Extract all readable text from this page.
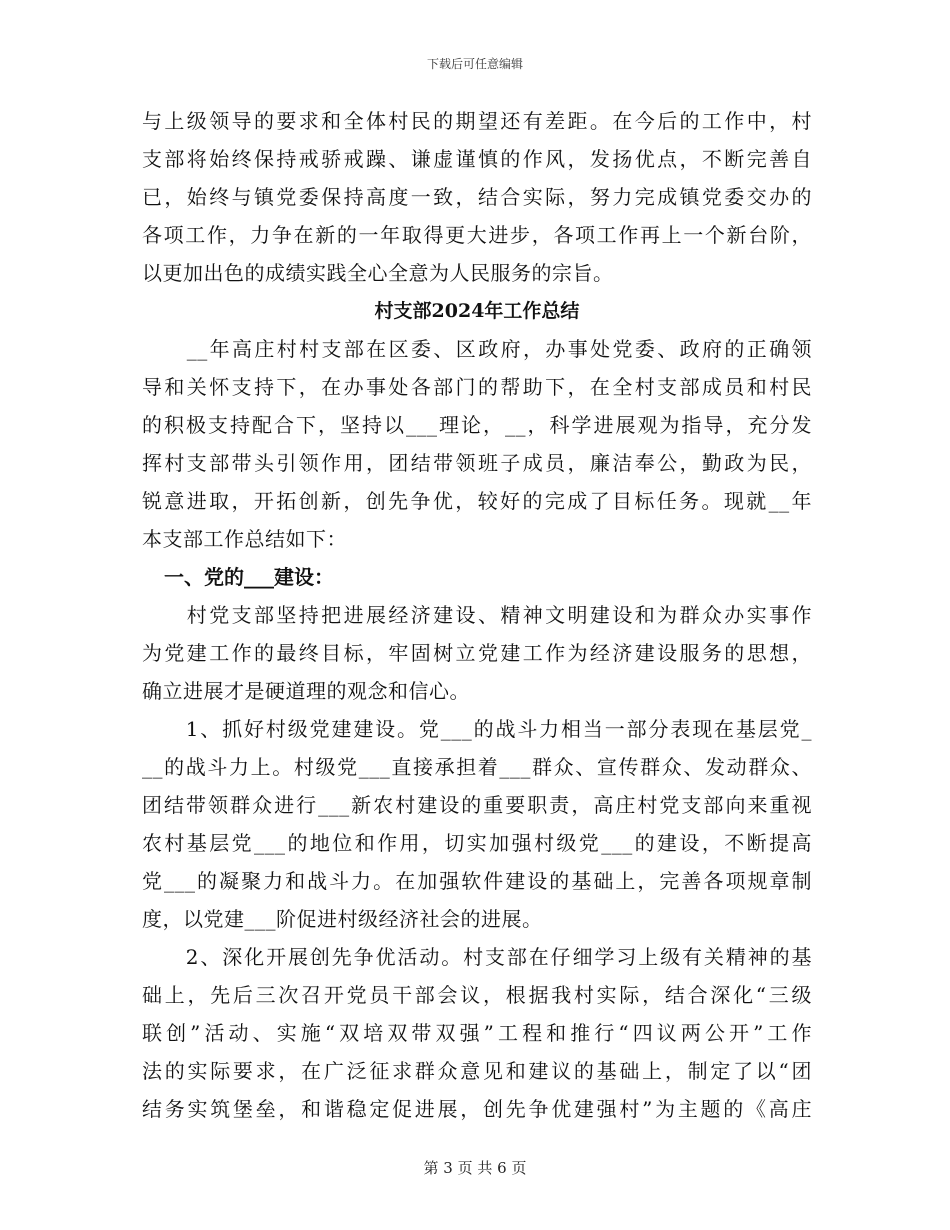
下载后可任意编辑
与上级领导的要求和全体村民的期望还有差距。在今后的工作中，村
支部将始终保持戒骄戒躁、谦虚谨慎的作风，发扬优点，不断完善自
已，始终与镇党委保持高度一致，结合实际，努力完成镇党委交办的
各项工作，力争在新的一年取得更大进步，各项工作再上一个新台阶，
以更加出色的成绩实践全心全意为人民服务的宗旨。
村支部2024年工作总结
　　__年高庄村村支部在区委、区政府，办事处党委、政府的正确领
导和关怀支持下，在办事处各部门的帮助下，在全村支部成员和村民
的积极支持配合下，坚持以___理论，__，科学进展观为指导，充分发
挥村支部带头引领作用，团结带领班子成员，廉洁奉公，勤政为民，
锐意进取，开拓创新，创先争优，较好的完成了目标任务。现就__年
本支部工作总结如下：
一、党的___建设：
　　村党支部坚持把进展经济建设、精神文明建设和为群众办实事作
为党建工作的最终目标，牢固树立党建工作为经济建设服务的思想，
确立进展才是硬道理的观念和信心。
　　1、抓好村级党建建设。党___的战斗力相当一部分表现在基层党_
__的战斗力上。村级党___直接承担着___群众、宣传群众、发动群众、
团结带领群众进行___新农村建设的重要职责，高庄村党支部向来重视
农村基层党___的地位和作用，切实加强村级党___的建设，不断提高
党___的凝聚力和战斗力。在加强软件建设的基础上，完善各项规章制
度，以党建___阶促进村级经济社会的进展。
　　2、深化开展创先争优活动。村支部在仔细学习上级有关精神的基
础上，先后三次召开党员干部会议，根据我村实际，结合深化“三级
联创”活动、实施“双培双带双强”工程和推行“四议两公开”工作
法的实际要求，在广泛征求群众意见和建议的基础上，制定了以“团
结务实筑堡垒，和谐稳定促进展，创先争优建强村”为主题的《高庄
第 3 页 共 6 页
